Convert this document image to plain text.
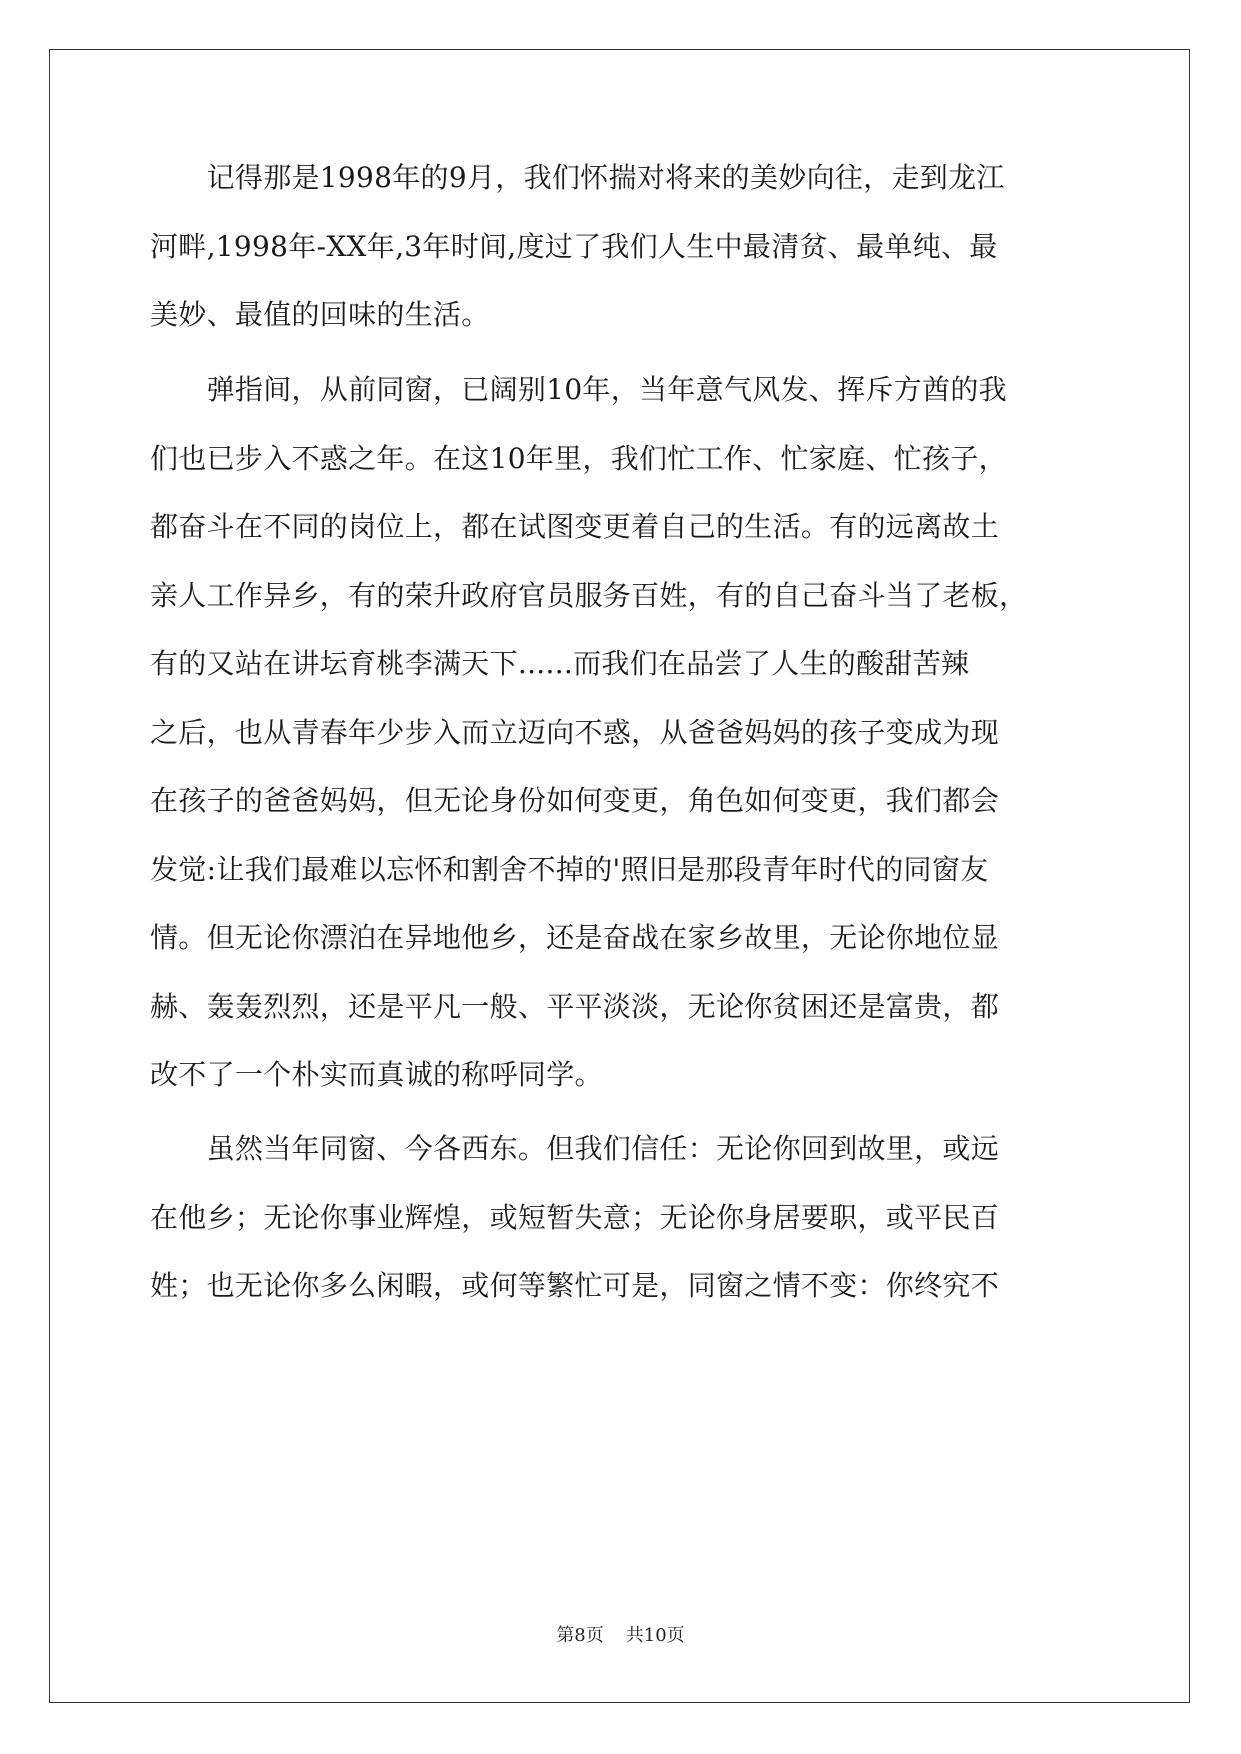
　　记得那是1998年的9月，我们怀揣对将来的美妙向往，走到龙江
河畔,1998年-XX年,3年时间,度过了我们人生中最清贫、最单纯、最
美妙、最值的回味的生活。
　　弹指间，从前同窗，已阔别10年，当年意气风发、挥斥方酋的我
们也已步入不惑之年。在这10年里，我们忙工作、忙家庭、忙孩子，
都奋斗在不同的岗位上，都在试图变更着自己的生活。有的远离故土
亲人工作异乡，有的荣升政府官员服务百姓，有的自己奋斗当了老板，
有的又站在讲坛育桃李满天下......而我们在品尝了人生的酸甜苦辣
之后，也从青春年少步入而立迈向不惑，从爸爸妈妈的孩子变成为现
在孩子的爸爸妈妈，但无论身份如何变更，角色如何变更，我们都会
发觉:让我们最难以忘怀和割舍不掉的'照旧是那段青年时代的同窗友
情。但无论你漂泊在异地他乡，还是奋战在家乡故里，无论你地位显
赫、轰轰烈烈，还是平凡一般、平平淡淡，无论你贫困还是富贵，都
改不了一个朴实而真诚的称呼同学。
　　虽然当年同窗、今各西东。但我们信任：无论你回到故里，或远
在他乡；无论你事业辉煌，或短暂失意；无论你身居要职，或平民百
姓；也无论你多么闲暇，或何等繁忙可是，同窗之情不变：你终究不
第8页 共10页
